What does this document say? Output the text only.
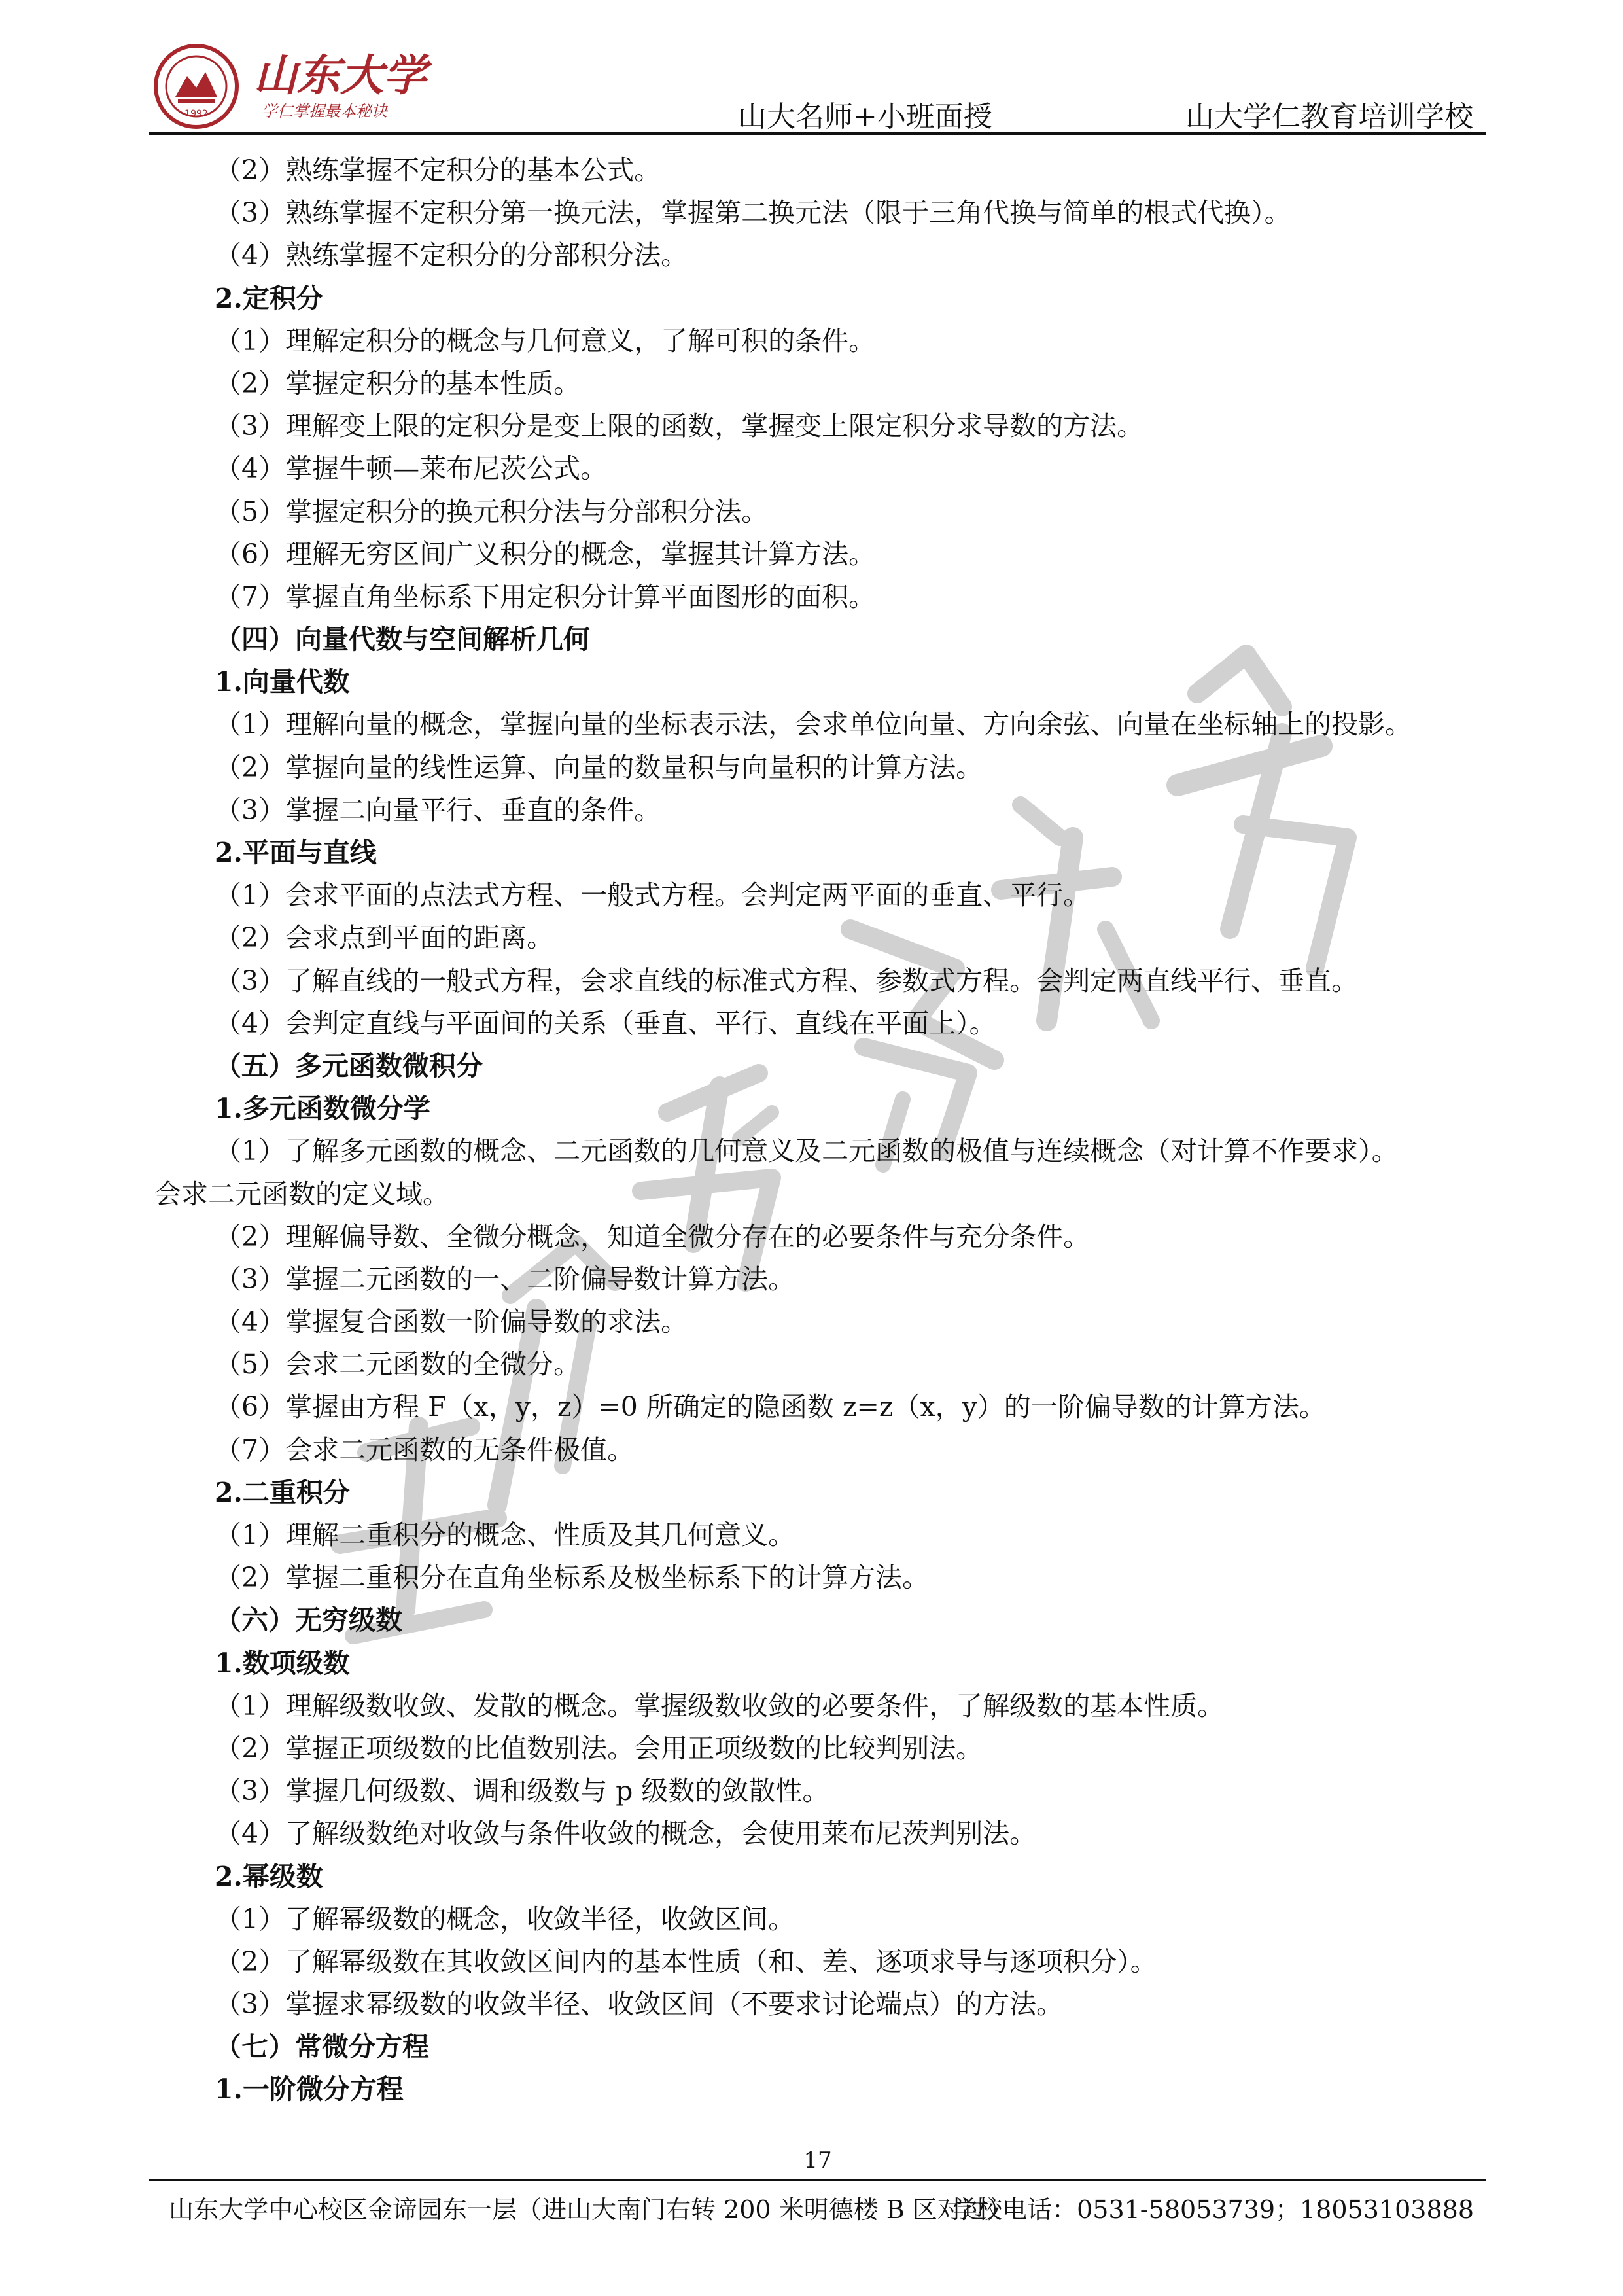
1992
山东大学
学仁掌握最本秘诀	山大名师+小班面授	山大学仁教育培训学校
（2）熟练掌握不定积分的基本公式。
（3）熟练掌握不定积分第一换元法，掌握第二换元法（限于三角代换与简单的根式代换）。
（4）熟练掌握不定积分的分部积分法。
2.定积分
（1）理解定积分的概念与几何意义，了解可积的条件。
（2）掌握定积分的基本性质。
（3）理解变上限的定积分是变上限的函数，掌握变上限定积分求导数的方法。
（4）掌握牛顿—莱布尼茨公式。
（5）掌握定积分的换元积分法与分部积分法。
（6）理解无穷区间广义积分的概念，掌握其计算方法。
（7）掌握直角坐标系下用定积分计算平面图形的面积。
（四）向量代数与空间解析几何
1.向量代数
（1）理解向量的概念，掌握向量的坐标表示法，会求单位向量、方向余弦、向量在坐标轴上的投影。
（2）掌握向量的线性运算、向量的数量积与向量积的计算方法。
（3）掌握二向量平行、垂直的条件。
2.平面与直线
（1）会求平面的点法式方程、一般式方程。会判定两平面的垂直、平行。
（2）会求点到平面的距离。
（3）了解直线的一般式方程，会求直线的标准式方程、参数式方程。会判定两直线平行、垂直。
（4）会判定直线与平面间的关系（垂直、平行、直线在平面上）。
（五）多元函数微积分
1.多元函数微分学
（1）了解多元函数的概念、二元函数的几何意义及二元函数的极值与连续概念（对计算不作要求）。
会求二元函数的定义域。
（2）理解偏导数、全微分概念，知道全微分存在的必要条件与充分条件。
（3）掌握二元函数的一、二阶偏导数计算方法。
（4）掌握复合函数一阶偏导数的求法。
（5）会求二元函数的全微分。
（6）掌握由方程 F（x，y，z）=0 所确定的隐函数 z=z（x，y）的一阶偏导数的计算方法。
（7）会求二元函数的无条件极值。
2.二重积分
（1）理解二重积分的概念、性质及其几何意义。
（2）掌握二重积分在直角坐标系及极坐标系下的计算方法。
（六）无穷级数
1.数项级数
（1）理解级数收敛、发散的概念。掌握级数收敛的必要条件，了解级数的基本性质。
（2）掌握正项级数的比值数别法。会用正项级数的比较判别法。
（3）掌握几何级数、调和级数与 p 级数的敛散性。
（4）了解级数绝对收敛与条件收敛的概念，会使用莱布尼茨判别法。
2.幂级数
（1）了解幂级数的概念，收敛半径，收敛区间。
（2）了解幂级数在其收敛区间内的基本性质（和、差、逐项求导与逐项积分）。
（3）掌握求幂级数的收敛半径、收敛区间（不要求讨论端点）的方法。
（七）常微分方程
1.一阶微分方程
17
山东大学中心校区金谛园东一层（进山大南门右转 200 米明德楼 B 区对过）
学校电话：0531-58053739；18053103888
